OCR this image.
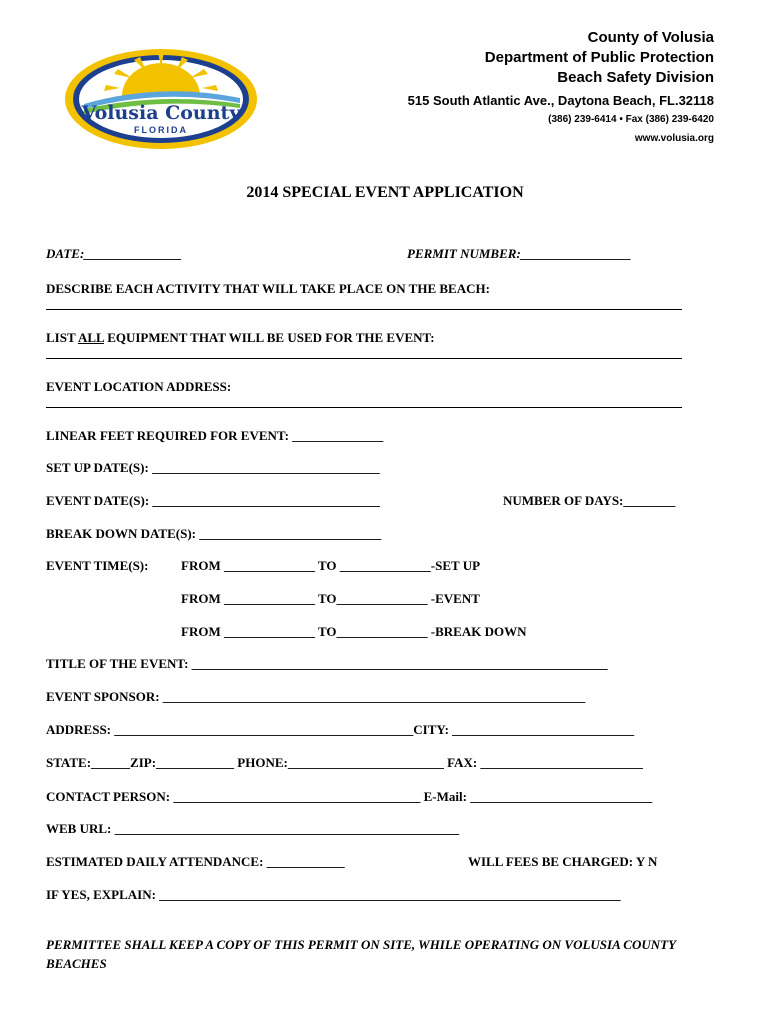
Volusia County
FLORIDA
County of Volusia
Department of Public Protection
Beach Safety Division
515 South Atlantic Ave., Daytona Beach, FL.32118
(386) 239-6414 • Fax (386) 239-6420
www.volusia.org
2014 SPECIAL EVENT APPLICATION
DATE:_______________	PERMIT NUMBER:_________________
DESCRIBE EACH ACTIVITY THAT WILL TAKE PLACE ON THE BEACH:
LIST ALL EQUIPMENT THAT WILL BE USED FOR THE EVENT:
EVENT LOCATION ADDRESS:
LINEAR FEET REQUIRED FOR EVENT: ______________
SET UP DATE(S): ___________________________________
EVENT DATE(S): ___________________________________	NUMBER OF DAYS:________
BREAK DOWN DATE(S): ____________________________
EVENT TIME(S):	FROM ______________ TO ______________-SET UP
FROM ______________ TO______________ -EVENT
FROM ______________ TO______________ -BREAK DOWN
TITLE OF THE EVENT: ________________________________________________________________
EVENT SPONSOR: _________________________________________________________________
ADDRESS: ______________________________________________CITY: ____________________________
STATE:______ZIP:____________ PHONE:________________________ FAX: _________________________
CONTACT PERSON: ______________________________________ E-Mail: ____________________________
WEB URL: _____________________________________________________
ESTIMATED DAILY ATTENDANCE: ____________	WILL FEES BE CHARGED: Y N
IF YES, EXPLAIN: _______________________________________________________________________
PERMITTEE SHALL KEEP A COPY OF THIS PERMIT ON SITE, WHILE OPERATING ON VOLUSIA COUNTY BEACHES
